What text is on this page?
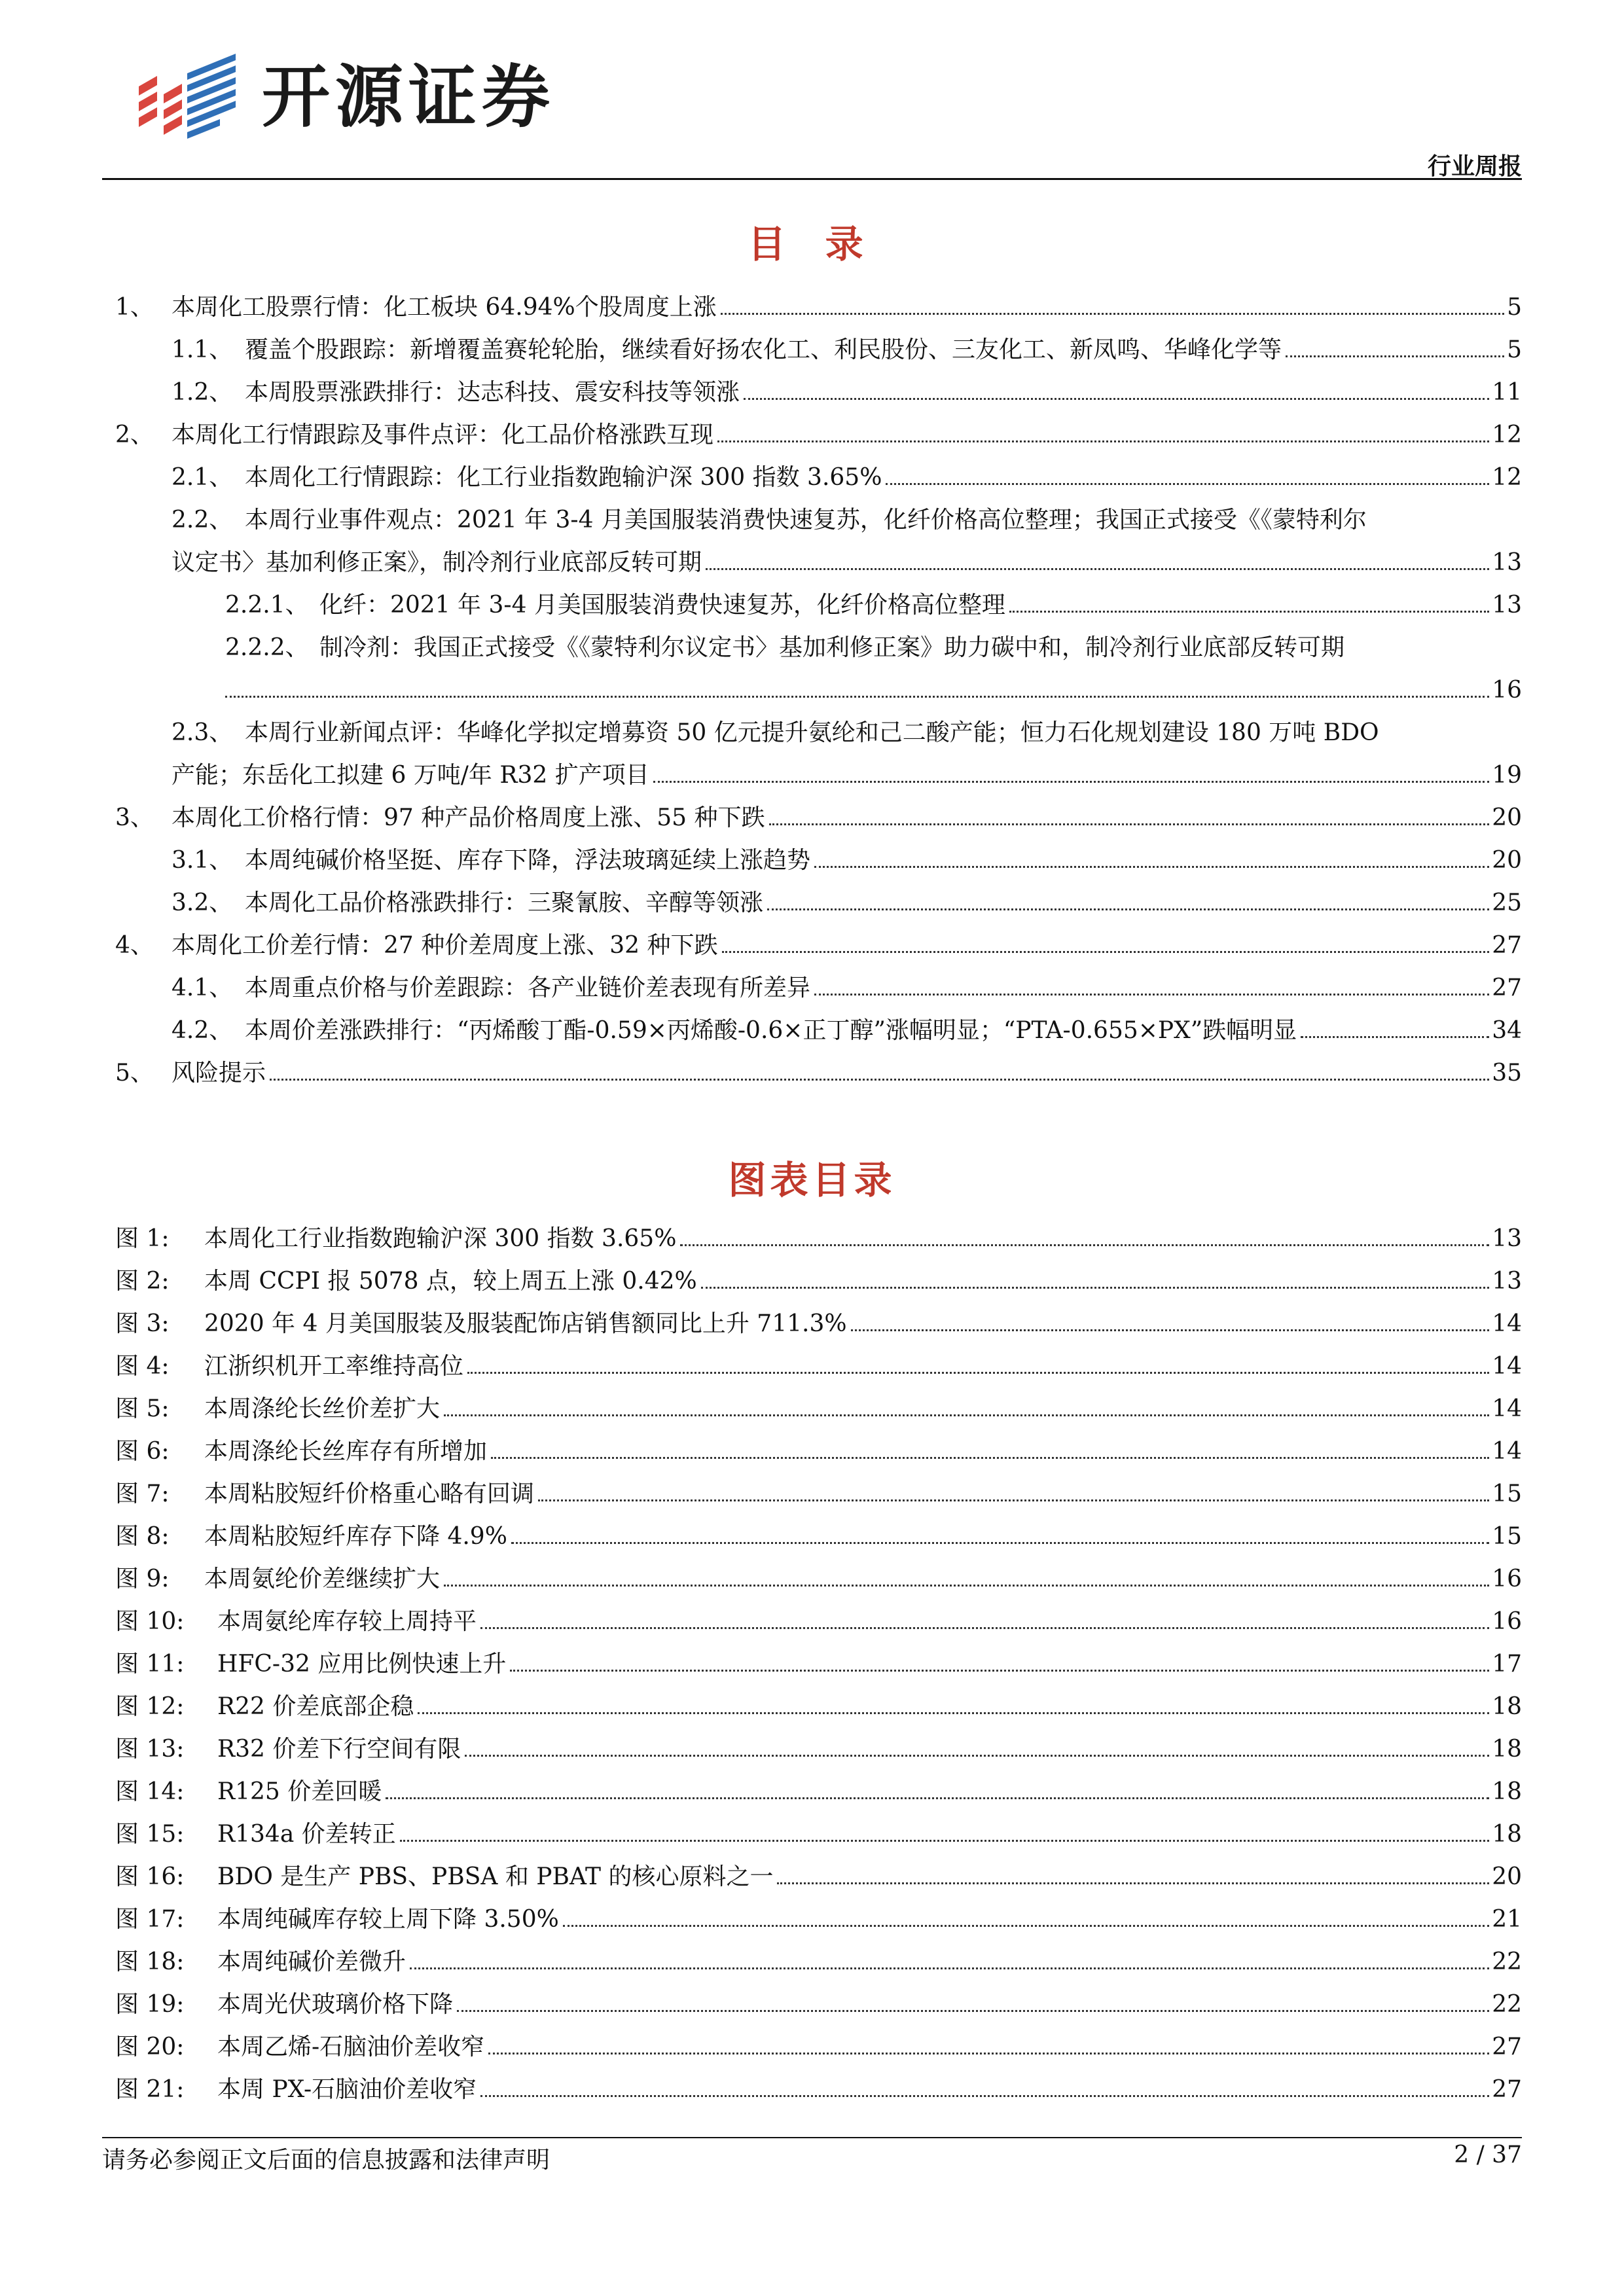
开源证券
行业周报
目 录
1、 本周化工股票行情：化工板块 64.94%个股周度上涨	5
1.1、 覆盖个股跟踪：新增覆盖赛轮轮胎，继续看好扬农化工、利民股份、三友化工、新凤鸣、华峰化学等	5
1.2、 本周股票涨跌排行：达志科技、震安科技等领涨	11
2、 本周化工行情跟踪及事件点评：化工品价格涨跌互现	12
2.1、 本周化工行情跟踪：化工行业指数跑输沪深 300 指数 3.65%	12
2.2、 本周行业事件观点：2021 年 3-4 月美国服装消费快速复苏，化纤价格高位整理；我国正式接受《《蒙特利尔
议定书〉基加利修正案》，制冷剂行业底部反转可期	13
2.2.1、 化纤：2021 年 3-4 月美国服装消费快速复苏，化纤价格高位整理	13
2.2.2、 制冷剂：我国正式接受《《蒙特利尔议定书〉基加利修正案》助力碳中和，制冷剂行业底部反转可期
16
2.3、 本周行业新闻点评：华峰化学拟定增募资 50 亿元提升氨纶和己二酸产能；恒力石化规划建设 180 万吨 BDO
产能；东岳化工拟建 6 万吨/年 R32 扩产项目	19
3、 本周化工价格行情：97 种产品价格周度上涨、55 种下跌	20
3.1、 本周纯碱价格坚挺、库存下降，浮法玻璃延续上涨趋势	20
3.2、 本周化工品价格涨跌排行：三聚氰胺、辛醇等领涨	25
4、 本周化工价差行情：27 种价差周度上涨、32 种下跌	27
4.1、 本周重点价格与价差跟踪：各产业链价差表现有所差异	27
4.2、 本周价差涨跌排行：“丙烯酸丁酯-0.59×丙烯酸-0.6×正丁醇”涨幅明显；“PTA-0.655×PX”跌幅明显	34
5、 风险提示	35
图表目录
图 1:	本周化工行业指数跑输沪深 300 指数 3.65%	13
图 2:	本周 CCPI 报 5078 点，较上周五上涨 0.42%	13
图 3:	2020 年 4 月美国服装及服装配饰店销售额同比上升 711.3%	14
图 4:	江浙织机开工率维持高位	14
图 5:	本周涤纶长丝价差扩大	14
图 6:	本周涤纶长丝库存有所增加	14
图 7:	本周粘胶短纤价格重心略有回调	15
图 8:	本周粘胶短纤库存下降 4.9%	15
图 9:	本周氨纶价差继续扩大	16
图 10:	本周氨纶库存较上周持平	16
图 11:	HFC-32 应用比例快速上升	17
图 12:	R22 价差底部企稳	18
图 13:	R32 价差下行空间有限	18
图 14:	R125 价差回暖	18
图 15:	R134a 价差转正	18
图 16:	BDO 是生产 PBS、PBSA 和 PBAT 的核心原料之一	20
图 17:	本周纯碱库存较上周下降 3.50%	21
图 18:	本周纯碱价差微升	22
图 19:	本周光伏玻璃价格下降	22
图 20:	本周乙烯-石脑油价差收窄	27
图 21:	本周 PX-石脑油价差收窄	27
请务必参阅正文后面的信息披露和法律声明	2 / 37
